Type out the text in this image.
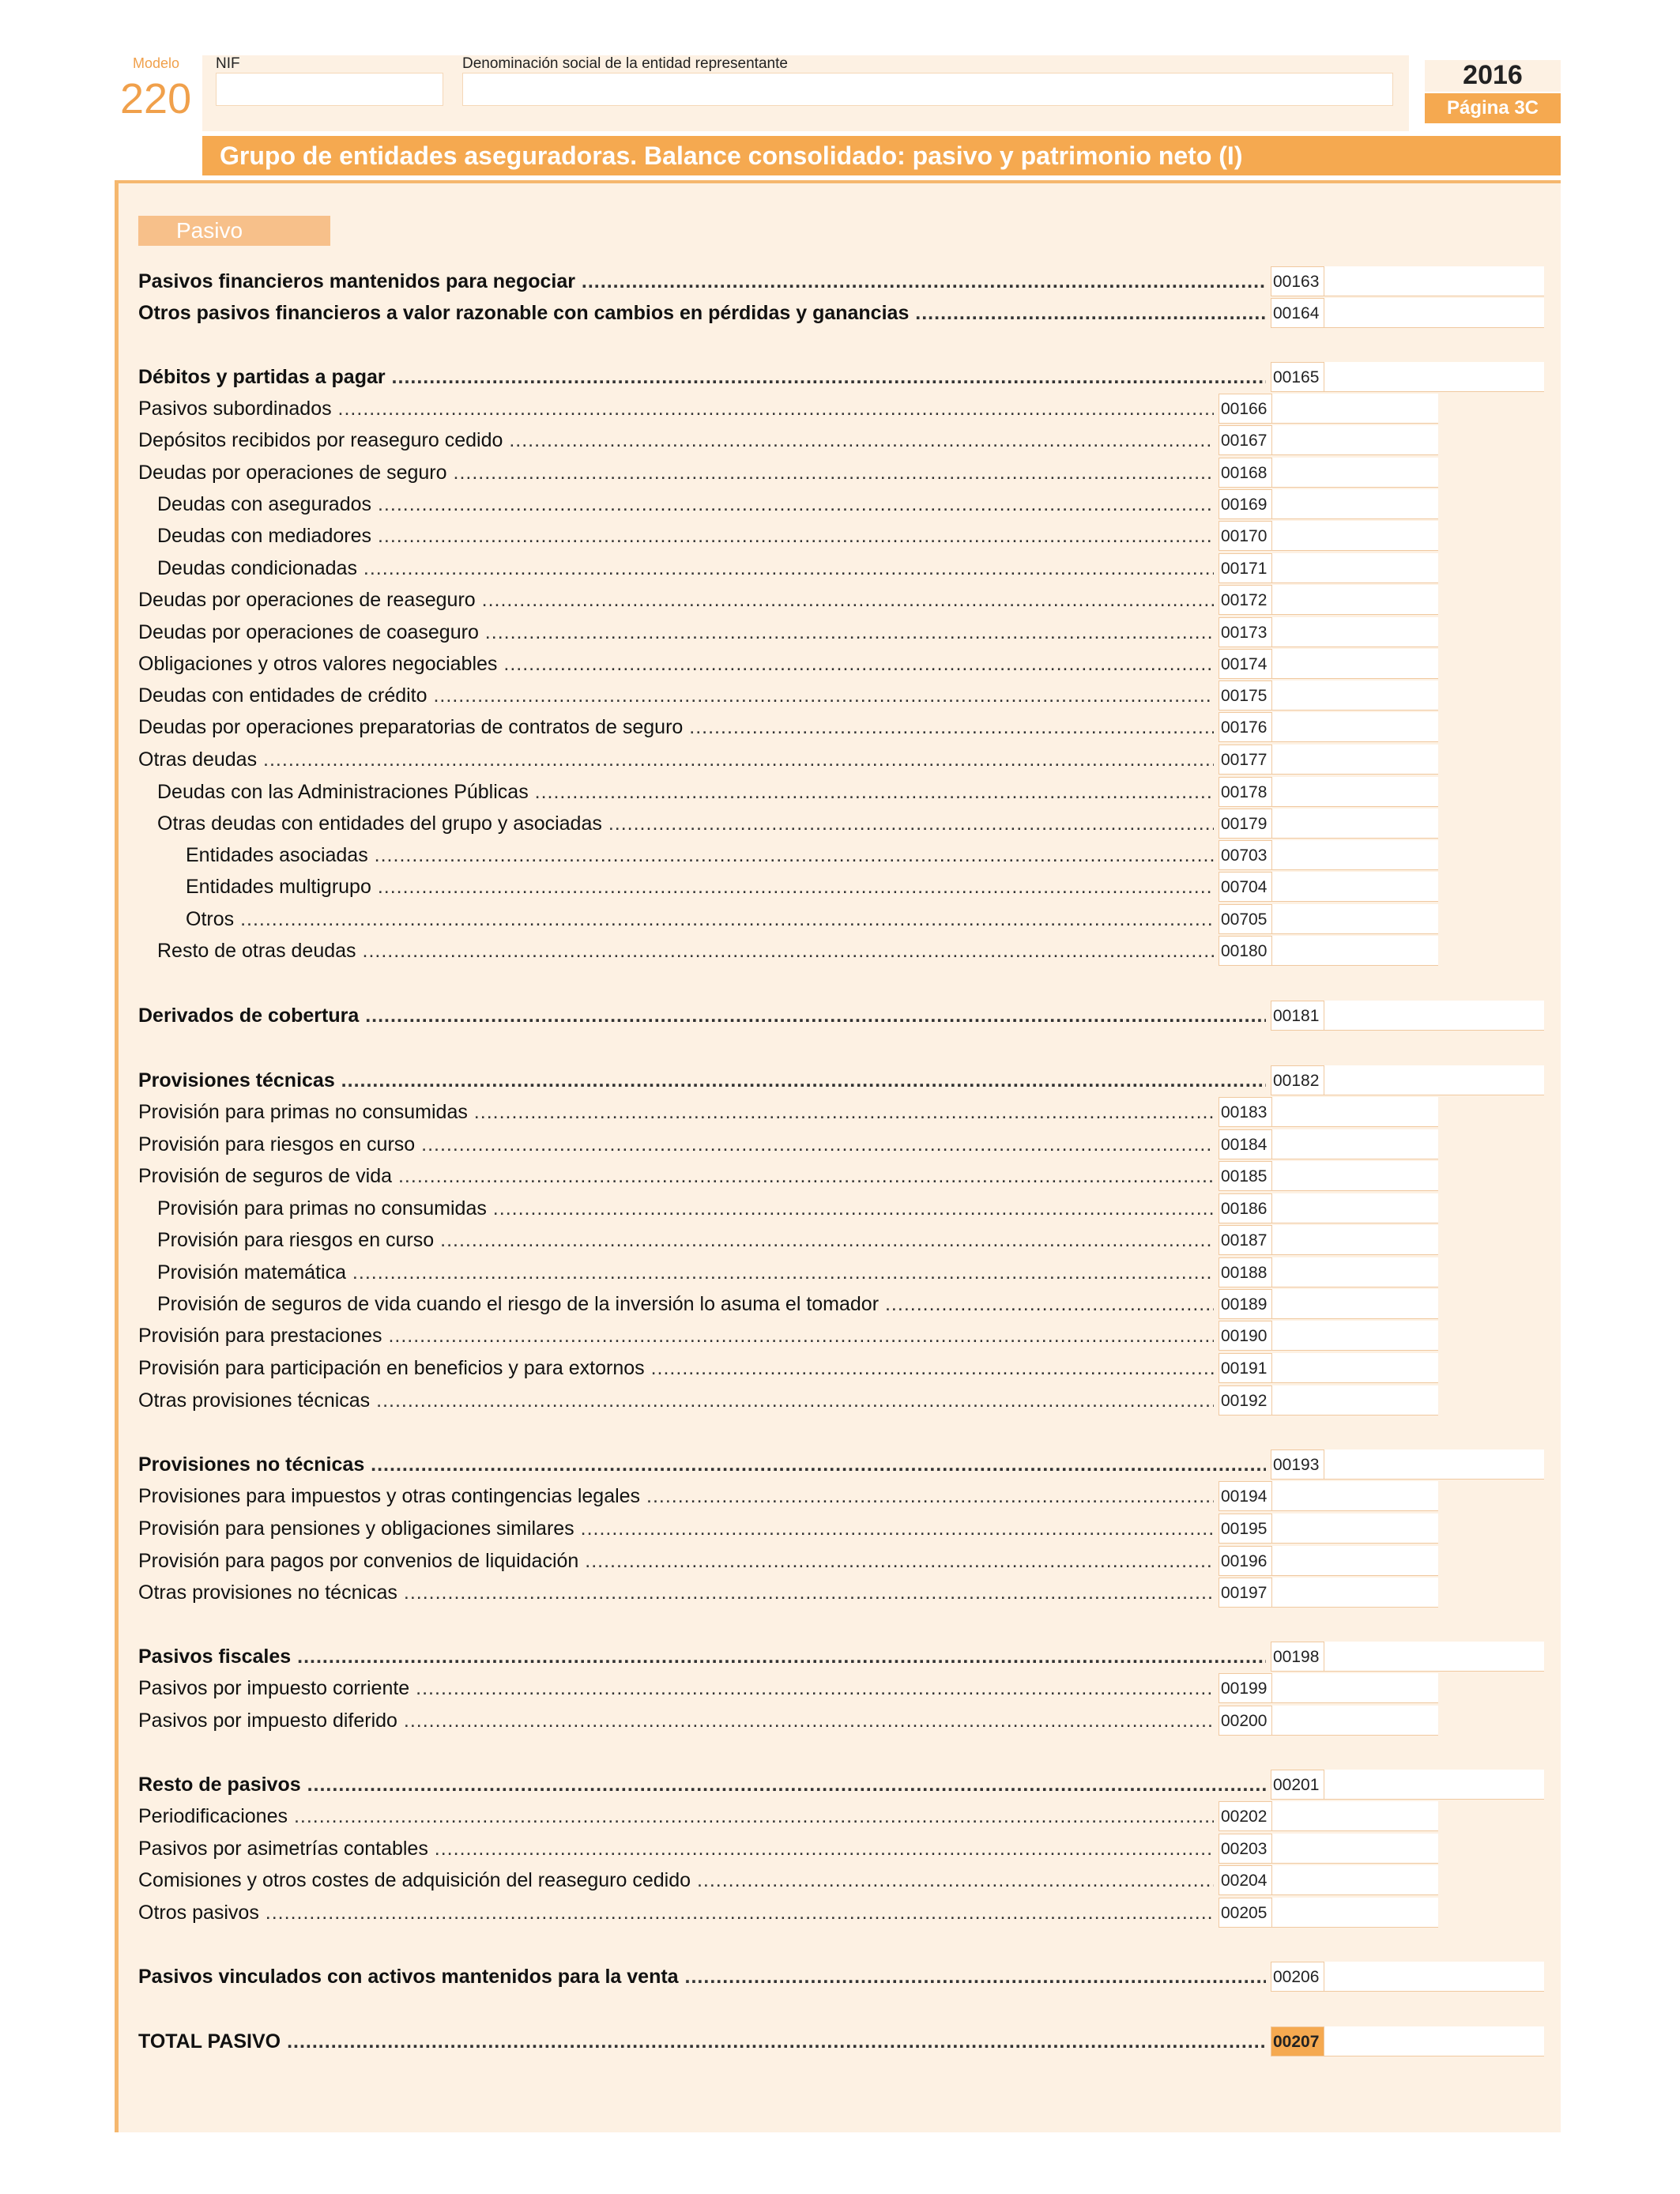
Modelo
220
NIF	Denominación social de la entidad representante	2016
Página 3C
Grupo de entidades aseguradoras. Balance consolidado: pasivo y patrimonio neto (I)
Pasivo
Pasivos financieros mantenidos para negociar .....	00163
Otros pasivos financieros a valor razonable con cambios en pérdidas y ganancias .....	00164
Débitos y partidas a pagar .....	00165
Pasivos subordinados .....	00166
Depósitos recibidos por reaseguro cedido .....	00167
Deudas por operaciones de seguro .....	00168
Deudas con asegurados .....	00169
Deudas con mediadores .....	00170
Deudas condicionadas .....	00171
Deudas por operaciones de reaseguro .....	00172
Deudas por operaciones de coaseguro .....	00173
Obligaciones y otros valores negociables .....	00174
Deudas con entidades de crédito .....	00175
Deudas por operaciones preparatorias de contratos de seguro .....	00176
Otras deudas .....	00177
Deudas con las Administraciones Públicas .....	00178
Otras deudas con entidades del grupo y asociadas .....	00179
Entidades asociadas .....	00703
Entidades multigrupo .....	00704
Otros .....	00705
Resto de otras deudas .....	00180
Derivados de cobertura .....	00181
Provisiones técnicas .....	00182
Provisión para primas no consumidas .....	00183
Provisión para riesgos en curso .....	00184
Provisión de seguros de vida .....	00185
Provisión para primas no consumidas .....	00186
Provisión para riesgos en curso .....	00187
Provisión matemática .....	00188
Provisión de seguros de vida cuando el riesgo de la inversión lo asuma el tomador .....	00189
Provisión para prestaciones .....	00190
Provisión para participación en beneficios y para extornos .....	00191
Otras provisiones técnicas .....	00192
Provisiones no técnicas .....	00193
Provisiones para impuestos y otras contingencias legales .....	00194
Provisión para pensiones y obligaciones similares .....	00195
Provisión para pagos por convenios de liquidación .....	00196
Otras provisiones no técnicas .....	00197
Pasivos fiscales .....	00198
Pasivos por impuesto corriente .....	00199
Pasivos por impuesto diferido .....	00200
Resto de pasivos .....	00201
Periodificaciones .....	00202
Pasivos por asimetrías contables .....	00203
Comisiones y otros costes de adquisición del reaseguro cedido .....	00204
Otros pasivos .....	00205
Pasivos vinculados con activos mantenidos para la venta .....	00206
TOTAL PASIVO .....	00207
